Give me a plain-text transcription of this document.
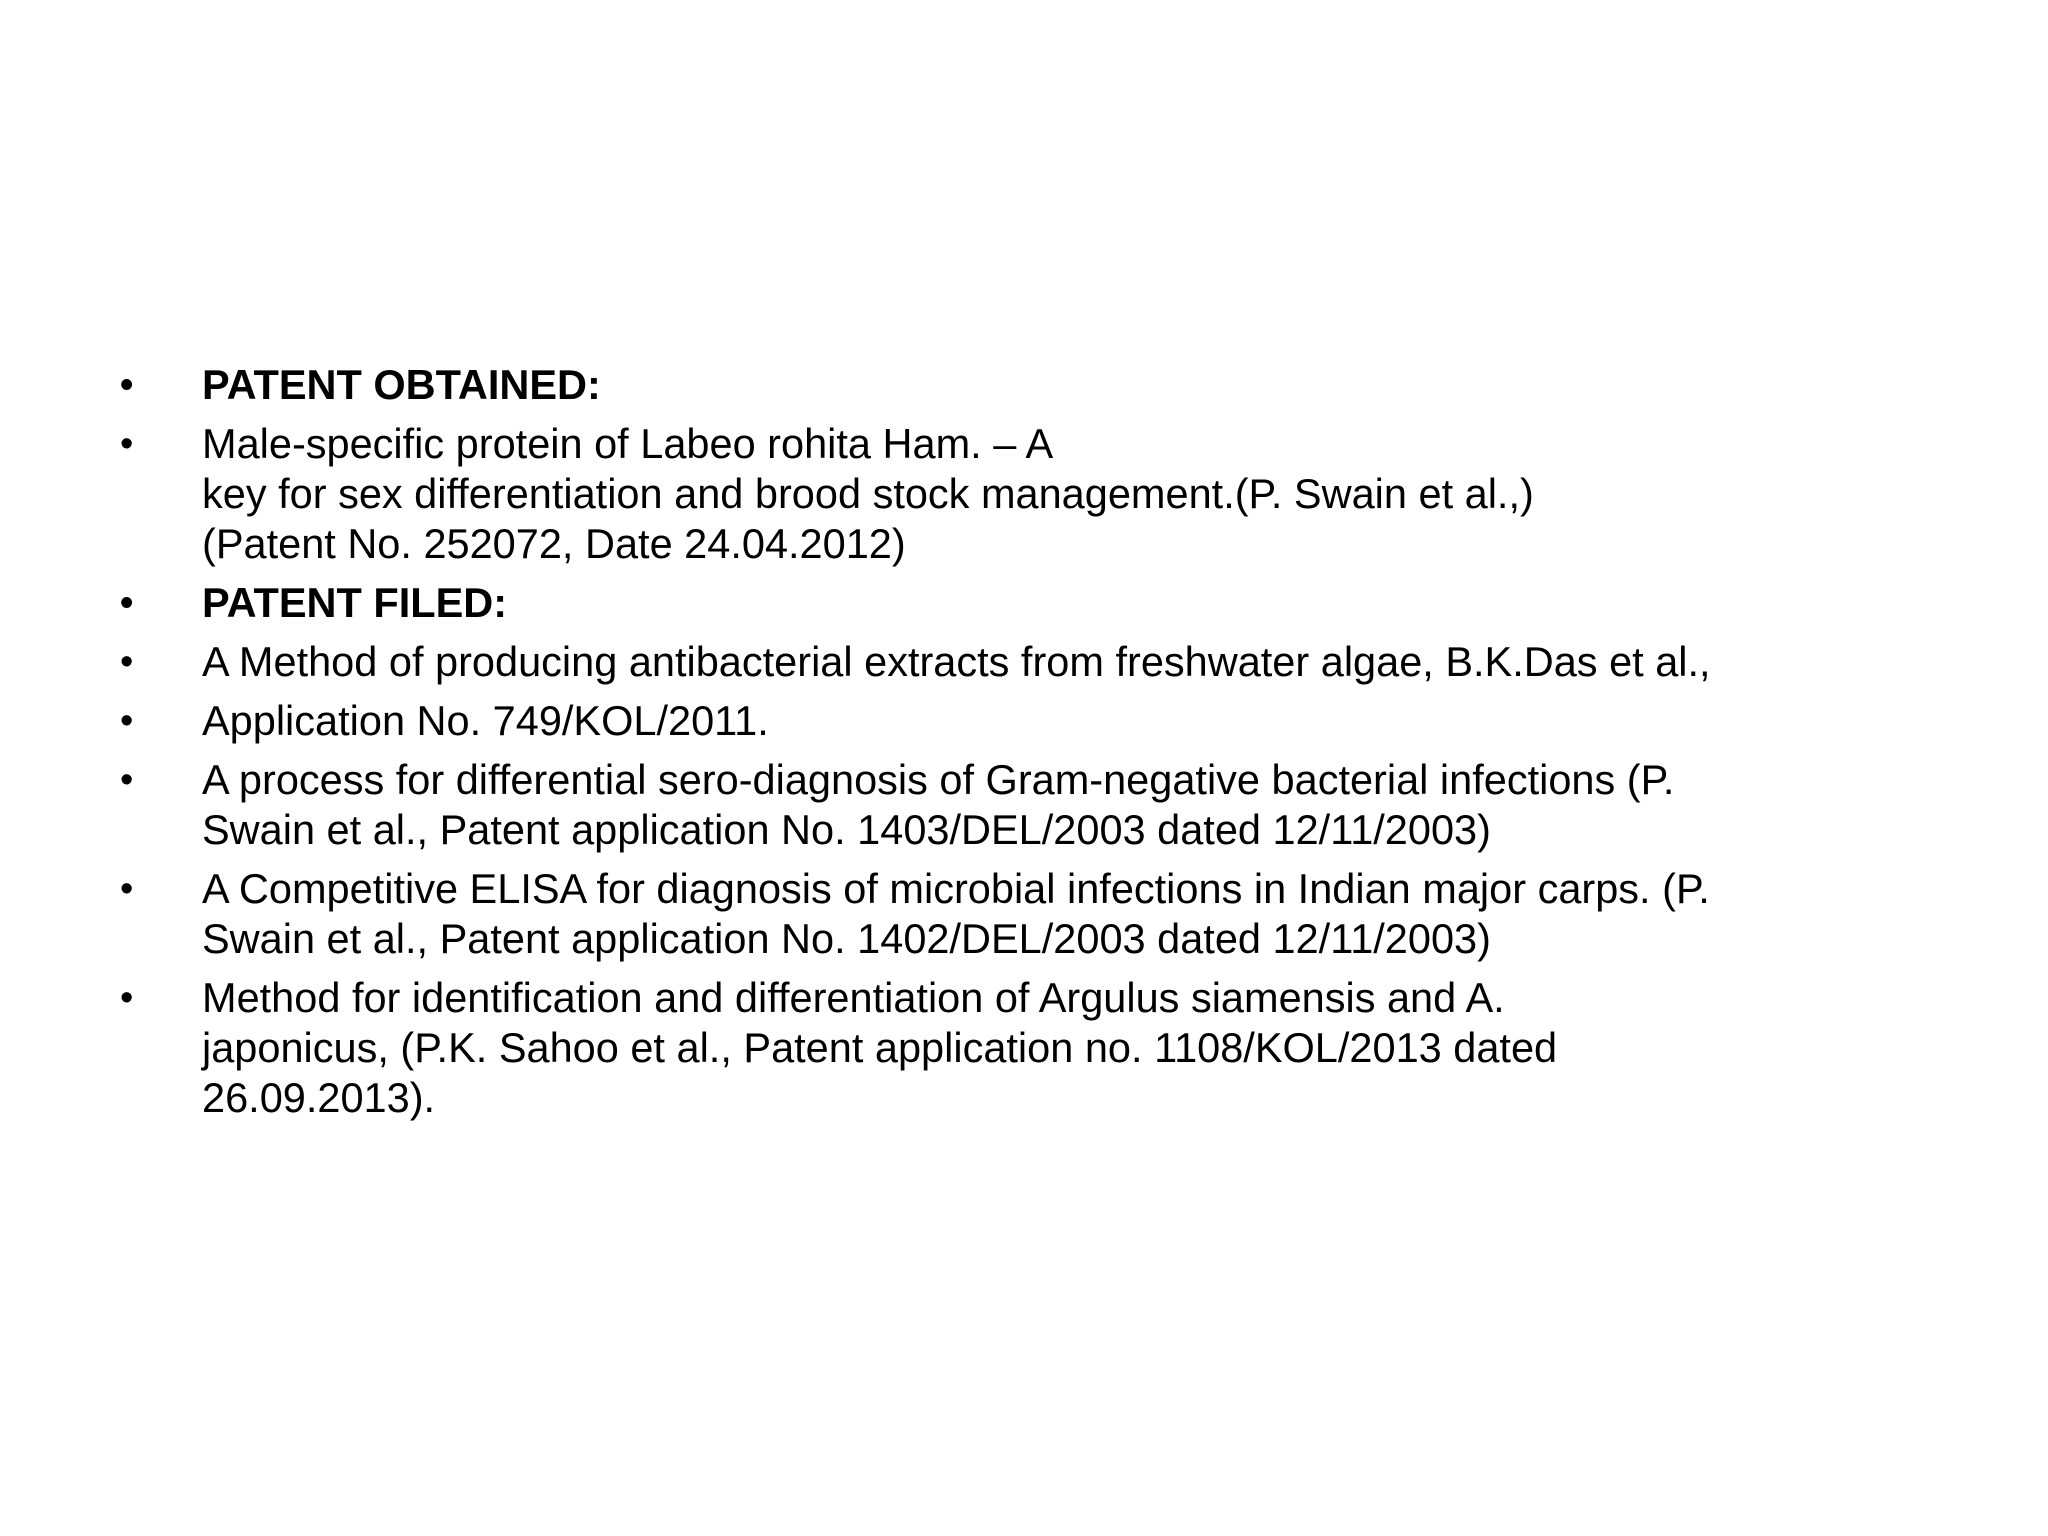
•	PATENT OBTAINED:
•	Male-specific protein of Labeo rohita Ham. – A
key for sex differentiation and brood stock management.(P. Swain et al.,)
(Patent No. 252072, Date 24.04.2012)
•	PATENT FILED:
•	A Method of producing antibacterial extracts from freshwater algae, B.K.Das et al.,
•	Application No. 749/KOL/2011.
•	A process for differential sero-diagnosis of Gram-negative bacterial infections (P.
Swain et al., Patent application No. 1403/DEL/2003 dated 12/11/2003)
•	A Competitive ELISA for diagnosis of microbial infections in Indian major carps. (P.
Swain et al., Patent application No. 1402/DEL/2003 dated 12/11/2003)
•	Method for identification and differentiation of Argulus siamensis and A.
japonicus, (P.K. Sahoo et al., Patent application no. 1108/KOL/2013 dated
26.09.2013).
